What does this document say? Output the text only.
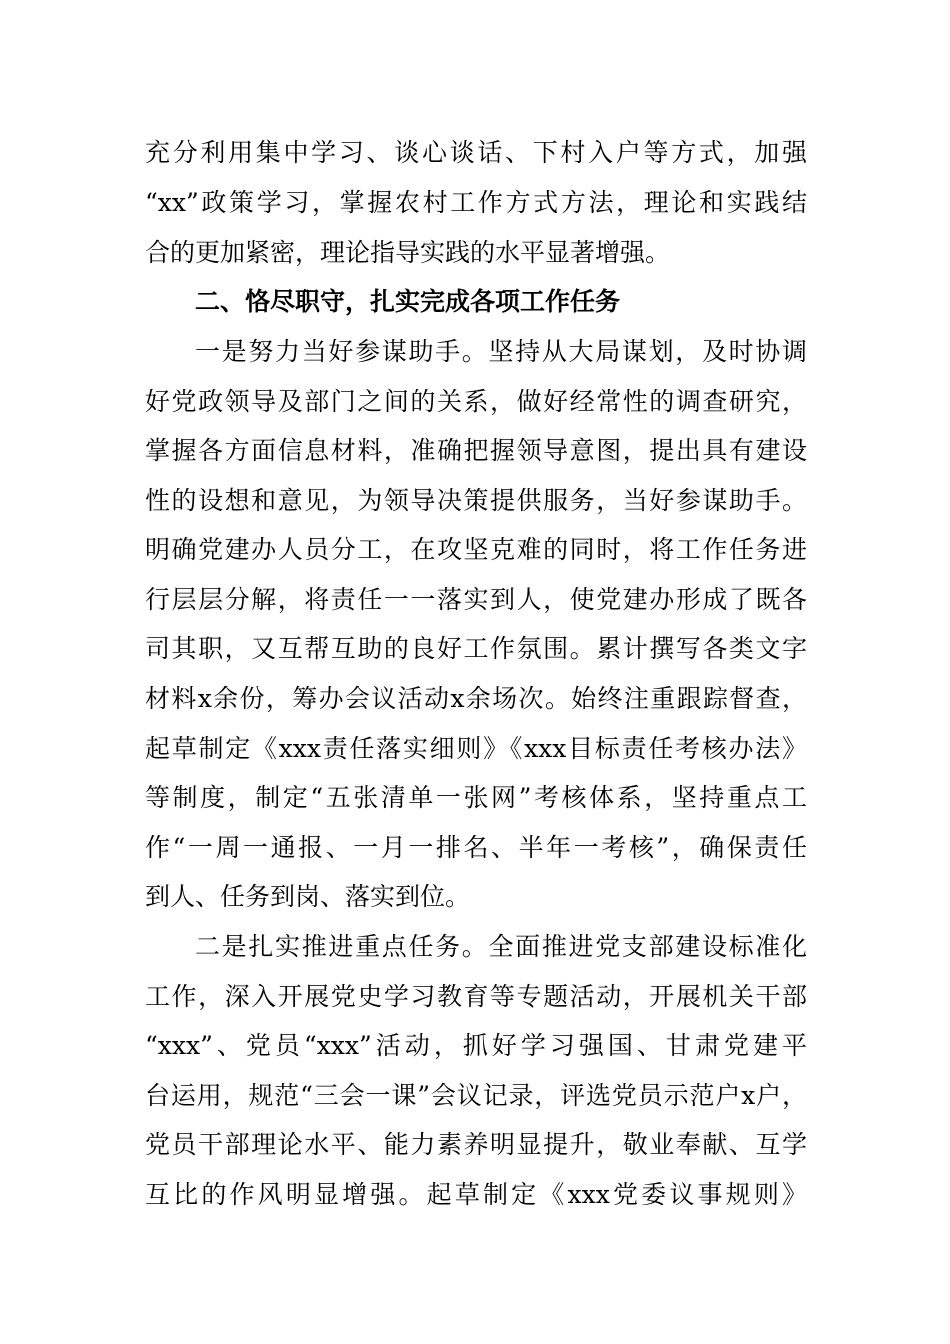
充分利用集中学习、谈心谈话、下村入户等方式，加强
“xx”政策学习，掌握农村工作方式方法，理论和实践结
合的更加紧密，理论指导实践的水平显著增强。
二、恪尽职守，扎实完成各项工作任务
一是努力当好参谋助手。坚持从大局谋划，及时协调
好党政领导及部门之间的关系，做好经常性的调查研究，
掌握各方面信息材料，准确把握领导意图，提出具有建设
性的设想和意见，为领导决策提供服务，当好参谋助手。
明确党建办人员分工，在攻坚克难的同时，将工作任务进
行层层分解，将责任一一落实到人，使党建办形成了既各
司其职，又互帮互助的良好工作氛围。累计撰写各类文字
材料x余份，筹办会议活动x余场次。始终注重跟踪督查，
起草制定《xxx责任落实细则》《xxx目标责任考核办法》
等制度，制定“五张清单一张网”考核体系，坚持重点工
作“一周一通报、一月一排名、半年一考核”，确保责任
到人、任务到岗、落实到位。
二是扎实推进重点任务。全面推进党支部建设标准化
工作，深入开展党史学习教育等专题活动，开展机关干部
“xxx”、党员“xxx”活动，抓好学习强国、甘肃党建平
台运用，规范“三会一课”会议记录，评选党员示范户x户，
党员干部理论水平、能力素养明显提升，敬业奉献、互学
互比的作风明显增强。起草制定《xxx党委议事规则》
